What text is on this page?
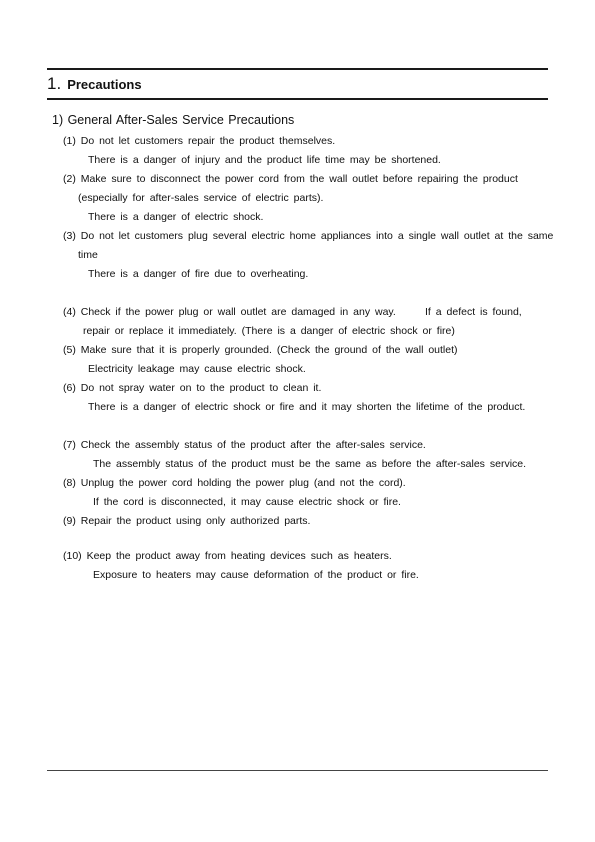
1. Precautions
1) General After-Sales Service Precautions
(1) Do not let customers repair the product themselves.
There is a danger of injury and the product life time may be shortened.
(2) Make sure to disconnect the power cord from the wall outlet before repairing the product
(especially for after-sales service of electric parts).
There is a danger of electric shock.
(3) Do not let customers plug several electric home appliances into a single wall outlet at the same
time
There is a danger of fire due to overheating.
(4) Check if the power plug or wall outlet are damaged in any way.	If a defect is found,
repair or replace it immediately. (There is a danger of electric shock or fire)
(5) Make sure that it is properly grounded. (Check the ground of the wall outlet)
Electricity leakage may cause electric shock.
(6) Do not spray water on to the product to clean it.
There is a danger of electric shock or fire and it may shorten the lifetime of the product.
(7) Check the assembly status of the product after the after-sales service.
The assembly status of the product must be the same as before the after-sales service.
(8) Unplug the power cord holding the power plug (and not the cord).
If the cord is disconnected, it may cause electric shock or fire.
(9) Repair the product using only authorized parts.
(10) Keep the product away from heating devices such as heaters.
Exposure to heaters may cause deformation of the product or fire.
